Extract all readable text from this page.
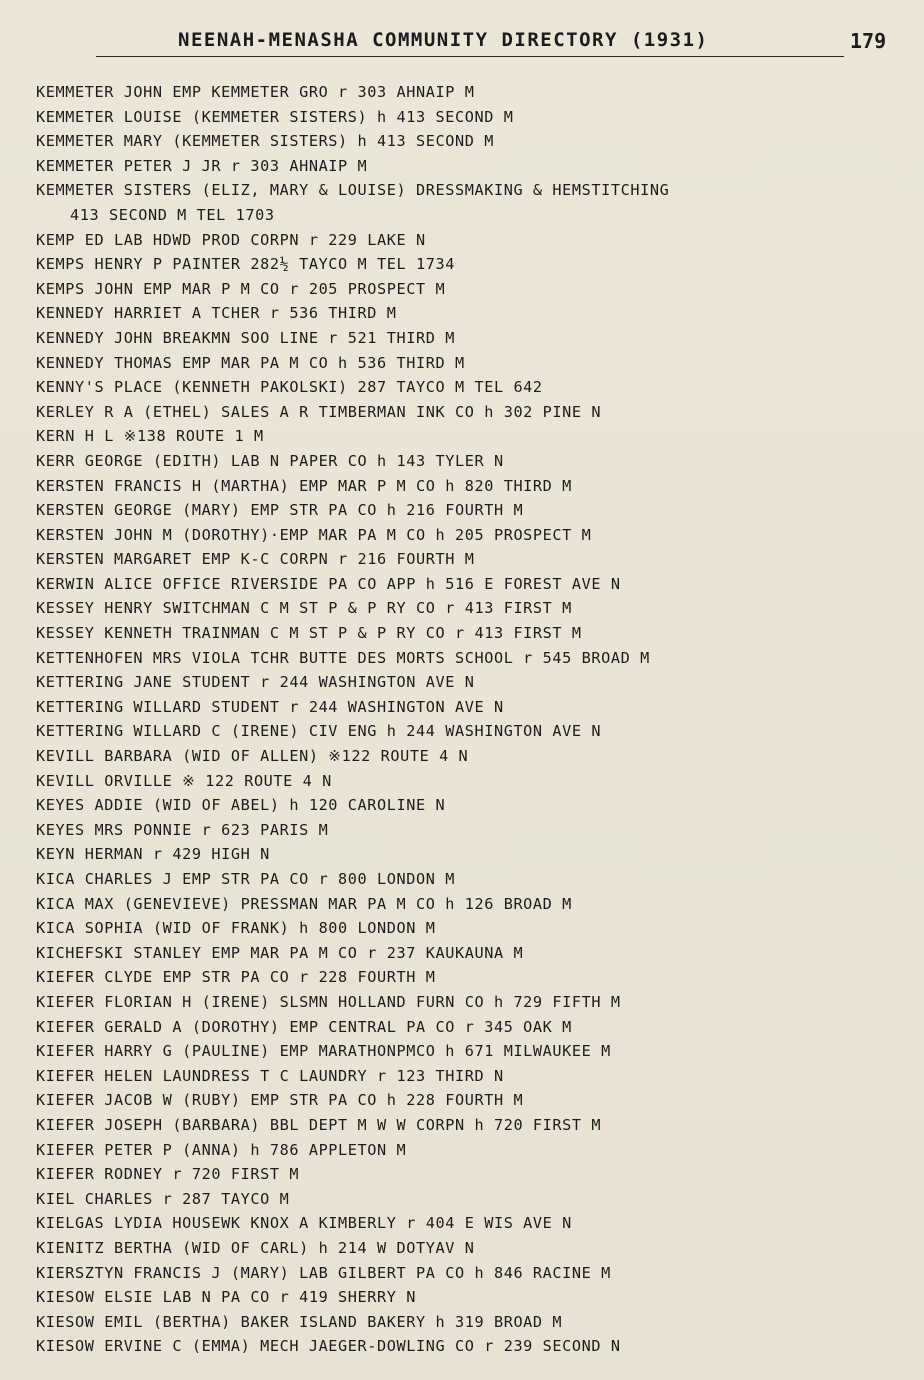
NEENAH-MENASHA COMMUNITY DIRECTORY (1931)	179
KEMMETER JOHN EMP KEMMETER GRO r 303 AHNAIP M
KEMMETER LOUISE (KEMMETER SISTERS) h 413 SECOND M
KEMMETER MARY (KEMMETER SISTERS) h 413 SECOND M
KEMMETER PETER J JR r 303 AHNAIP M
KEMMETER SISTERS (ELIZ, MARY & LOUISE) DRESSMAKING & HEMSTITCHING
413 SECOND M TEL 1703
KEMP ED LAB HDWD PROD CORPN r 229 LAKE N
KEMPS HENRY P PAINTER 282½ TAYCO M TEL 1734
KEMPS JOHN EMP MAR P M CO r 205 PROSPECT M
KENNEDY HARRIET A TCHER r 536 THIRD M
KENNEDY JOHN BREAKMN SOO LINE r 521 THIRD M
KENNEDY THOMAS EMP MAR PA M CO h 536 THIRD M
KENNY'S PLACE (KENNETH PAKOLSKI) 287 TAYCO M TEL 642
KERLEY R A (ETHEL) SALES A R TIMBERMAN INK CO h 302 PINE N
KERN H L ※138 ROUTE 1 M
KERR GEORGE (EDITH) LAB N PAPER CO h 143 TYLER N
KERSTEN FRANCIS H (MARTHA) EMP MAR P M CO h 820 THIRD M
KERSTEN GEORGE (MARY) EMP STR PA CO h 216 FOURTH M
KERSTEN JOHN M (DOROTHY)·EMP MAR PA M CO h 205 PROSPECT M
KERSTEN MARGARET EMP K-C CORPN r 216 FOURTH M
KERWIN ALICE OFFICE RIVERSIDE PA CO APP h 516 E FOREST AVE N
KESSEY HENRY SWITCHMAN C M ST P & P RY CO r 413 FIRST M
KESSEY KENNETH TRAINMAN C M ST P & P RY CO r 413 FIRST M
KETTENHOFEN MRS VIOLA TCHR BUTTE DES MORTS SCHOOL r 545 BROAD M
KETTERING JANE STUDENT r 244 WASHINGTON AVE N
KETTERING WILLARD STUDENT r 244 WASHINGTON AVE N
KETTERING WILLARD C (IRENE) CIV ENG h 244 WASHINGTON AVE N
KEVILL BARBARA (WID OF ALLEN) ※122 ROUTE 4 N
KEVILL ORVILLE ※ 122 ROUTE 4 N
KEYES ADDIE (WID OF ABEL) h 120 CAROLINE N
KEYES MRS PONNIE r 623 PARIS M
KEYN HERMAN r 429 HIGH N
KICA CHARLES J EMP STR PA CO r 800 LONDON M
KICA MAX (GENEVIEVE) PRESSMAN MAR PA M CO h 126 BROAD M
KICA SOPHIA (WID OF FRANK) h 800 LONDON M
KICHEFSKI STANLEY EMP MAR PA M CO r 237 KAUKAUNA M
KIEFER CLYDE EMP STR PA CO r 228 FOURTH M
KIEFER FLORIAN H (IRENE) SLSMN HOLLAND FURN CO h 729 FIFTH M
KIEFER GERALD A (DOROTHY) EMP CENTRAL PA CO r 345 OAK M
KIEFER HARRY G (PAULINE) EMP MARATHONPMCO h 671 MILWAUKEE M
KIEFER HELEN LAUNDRESS T C LAUNDRY r 123 THIRD N
KIEFER JACOB W (RUBY) EMP STR PA CO h 228 FOURTH M
KIEFER JOSEPH (BARBARA) BBL DEPT M W W CORPN h 720 FIRST M
KIEFER PETER P (ANNA) h 786 APPLETON M
KIEFER RODNEY r 720 FIRST M
KIEL CHARLES r 287 TAYCO M
KIELGAS LYDIA HOUSEWK KNOX A KIMBERLY r 404 E WIS AVE N
KIENITZ BERTHA (WID OF CARL) h 214 W DOTYAV N
KIERSZTYN FRANCIS J (MARY) LAB GILBERT PA CO h 846 RACINE M
KIESOW ELSIE LAB N PA CO r 419 SHERRY N
KIESOW EMIL (BERTHA) BAKER ISLAND BAKERY h 319 BROAD M
KIESOW ERVINE C (EMMA) MECH JAEGER-DOWLING CO r 239 SECOND N
